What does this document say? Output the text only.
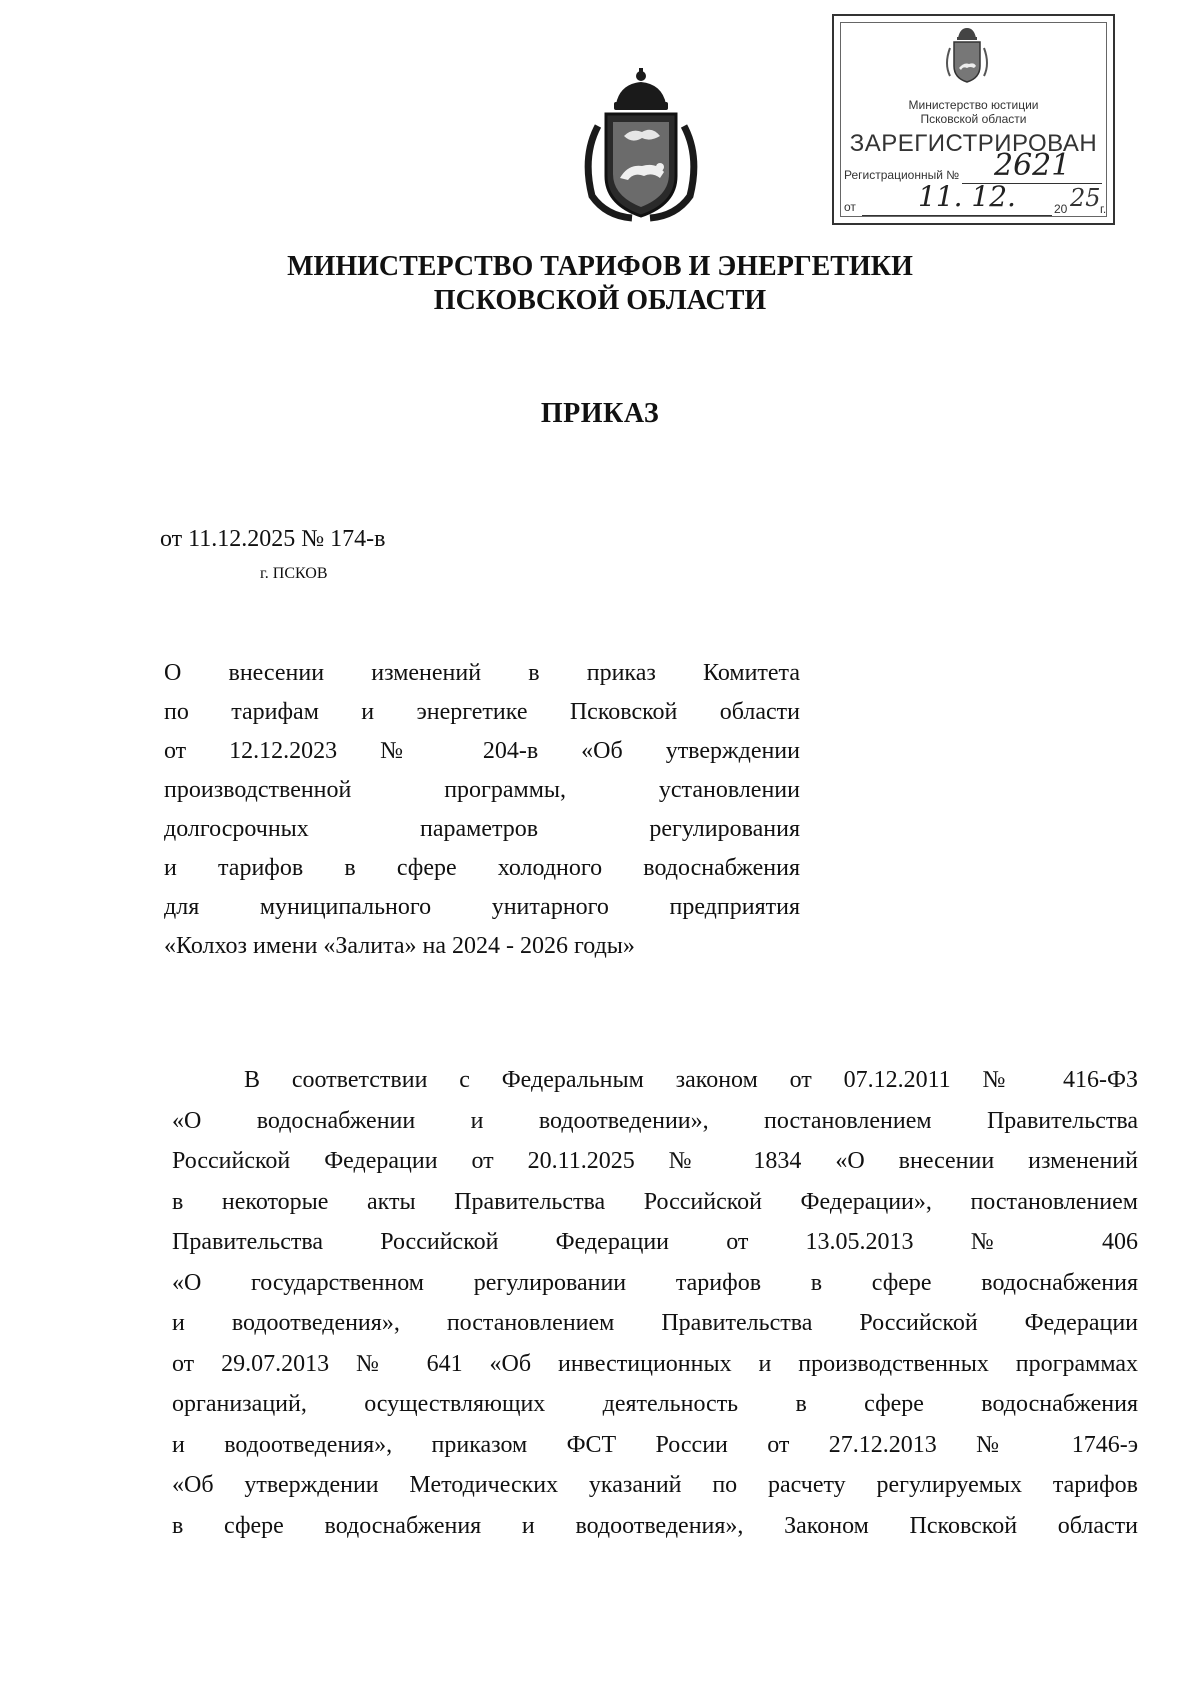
Министерство юстиции
Псковской области
ЗАРЕГИСТРИРОВАН
Регистрационный № 2621
от 11. 12.	20 25 г.
МИНИСТЕРСТВО ТАРИФОВ И ЭНЕРГЕТИКИ
ПСКОВСКОЙ ОБЛАСТИ
ПРИКАЗ
от 11.12.2025 № 174-в
г. ПСКОВ
О внесении изменений в приказ Комитета
по тарифам и энергетике Псковской области
от 12.12.2023 № 204-в «Об утверждении
производственной программы, установлении
долгосрочных параметров регулирования
и тарифов в сфере холодного водоснабжения
для муниципального унитарного предприятия
«Колхоз имени «Залита» на 2024 - 2026 годы»
В соответствии с Федеральным законом от 07.12.2011 № 416-ФЗ
«О водоснабжении и водоотведении», постановлением Правительства
Российской Федерации от 20.11.2025 № 1834 «О внесении изменений
в некоторые акты Правительства Российской Федерации», постановлением
Правительства Российской Федерации от 13.05.2013 № 406
«О государственном регулировании тарифов в сфере водоснабжения
и водоотведения», постановлением Правительства Российской Федерации
от 29.07.2013 № 641 «Об инвестиционных и производственных программах
организаций, осуществляющих деятельность в сфере водоснабжения
и водоотведения», приказом ФСТ России от 27.12.2013 № 1746-э
«Об утверждении Методических указаний по расчету регулируемых тарифов
в сфере водоснабжения и водоотведения», Законом Псковской области
